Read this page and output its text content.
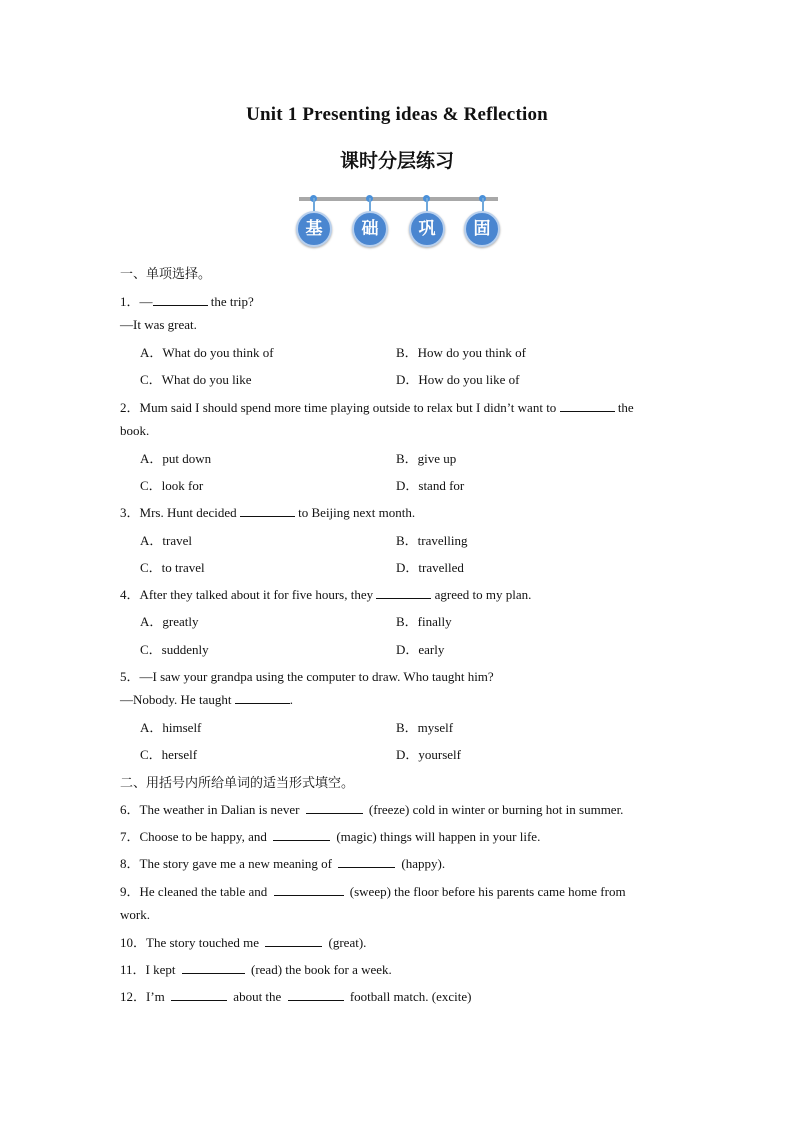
Unit 1 Presenting ideas & Reflection
课时分层练习
基	础	巩	固
一、单项选择。
1．—	the trip?
—It was great.
A．What do you think of	B．How do you think of
C．What do you like	D．How do you like of
2．Mum said I should spend more time playing outside to relax but I didn’t want to	the
book.
A．put down	B．give up
C．look for	D．stand for
3．Mrs. Hunt decided	to Beijing next month.
A．travel	B．travelling
C．to travel	D．travelled
4．After they talked about it for five hours, they	agreed to my plan.
A．greatly	B．finally
C．suddenly	D．early
5．—I saw your grandpa using the computer to draw. Who taught him?
—Nobody. He taught	.
A．himself	B．myself
C．herself	D．yourself
二、用括号内所给单词的适当形式填空。
6．The weather in Dalian is never	(freeze) cold in winter or burning hot in summer.
7．Choose to be happy, and	(magic) things will happen in your life.
8．The story gave me a new meaning of	(happy).
9．He cleaned the table and	(sweep) the floor before his parents came home from
work.
10．The story touched me	(great).
11．I kept	(read) the book for a week.
12．I’m	about the	football match. (excite)
